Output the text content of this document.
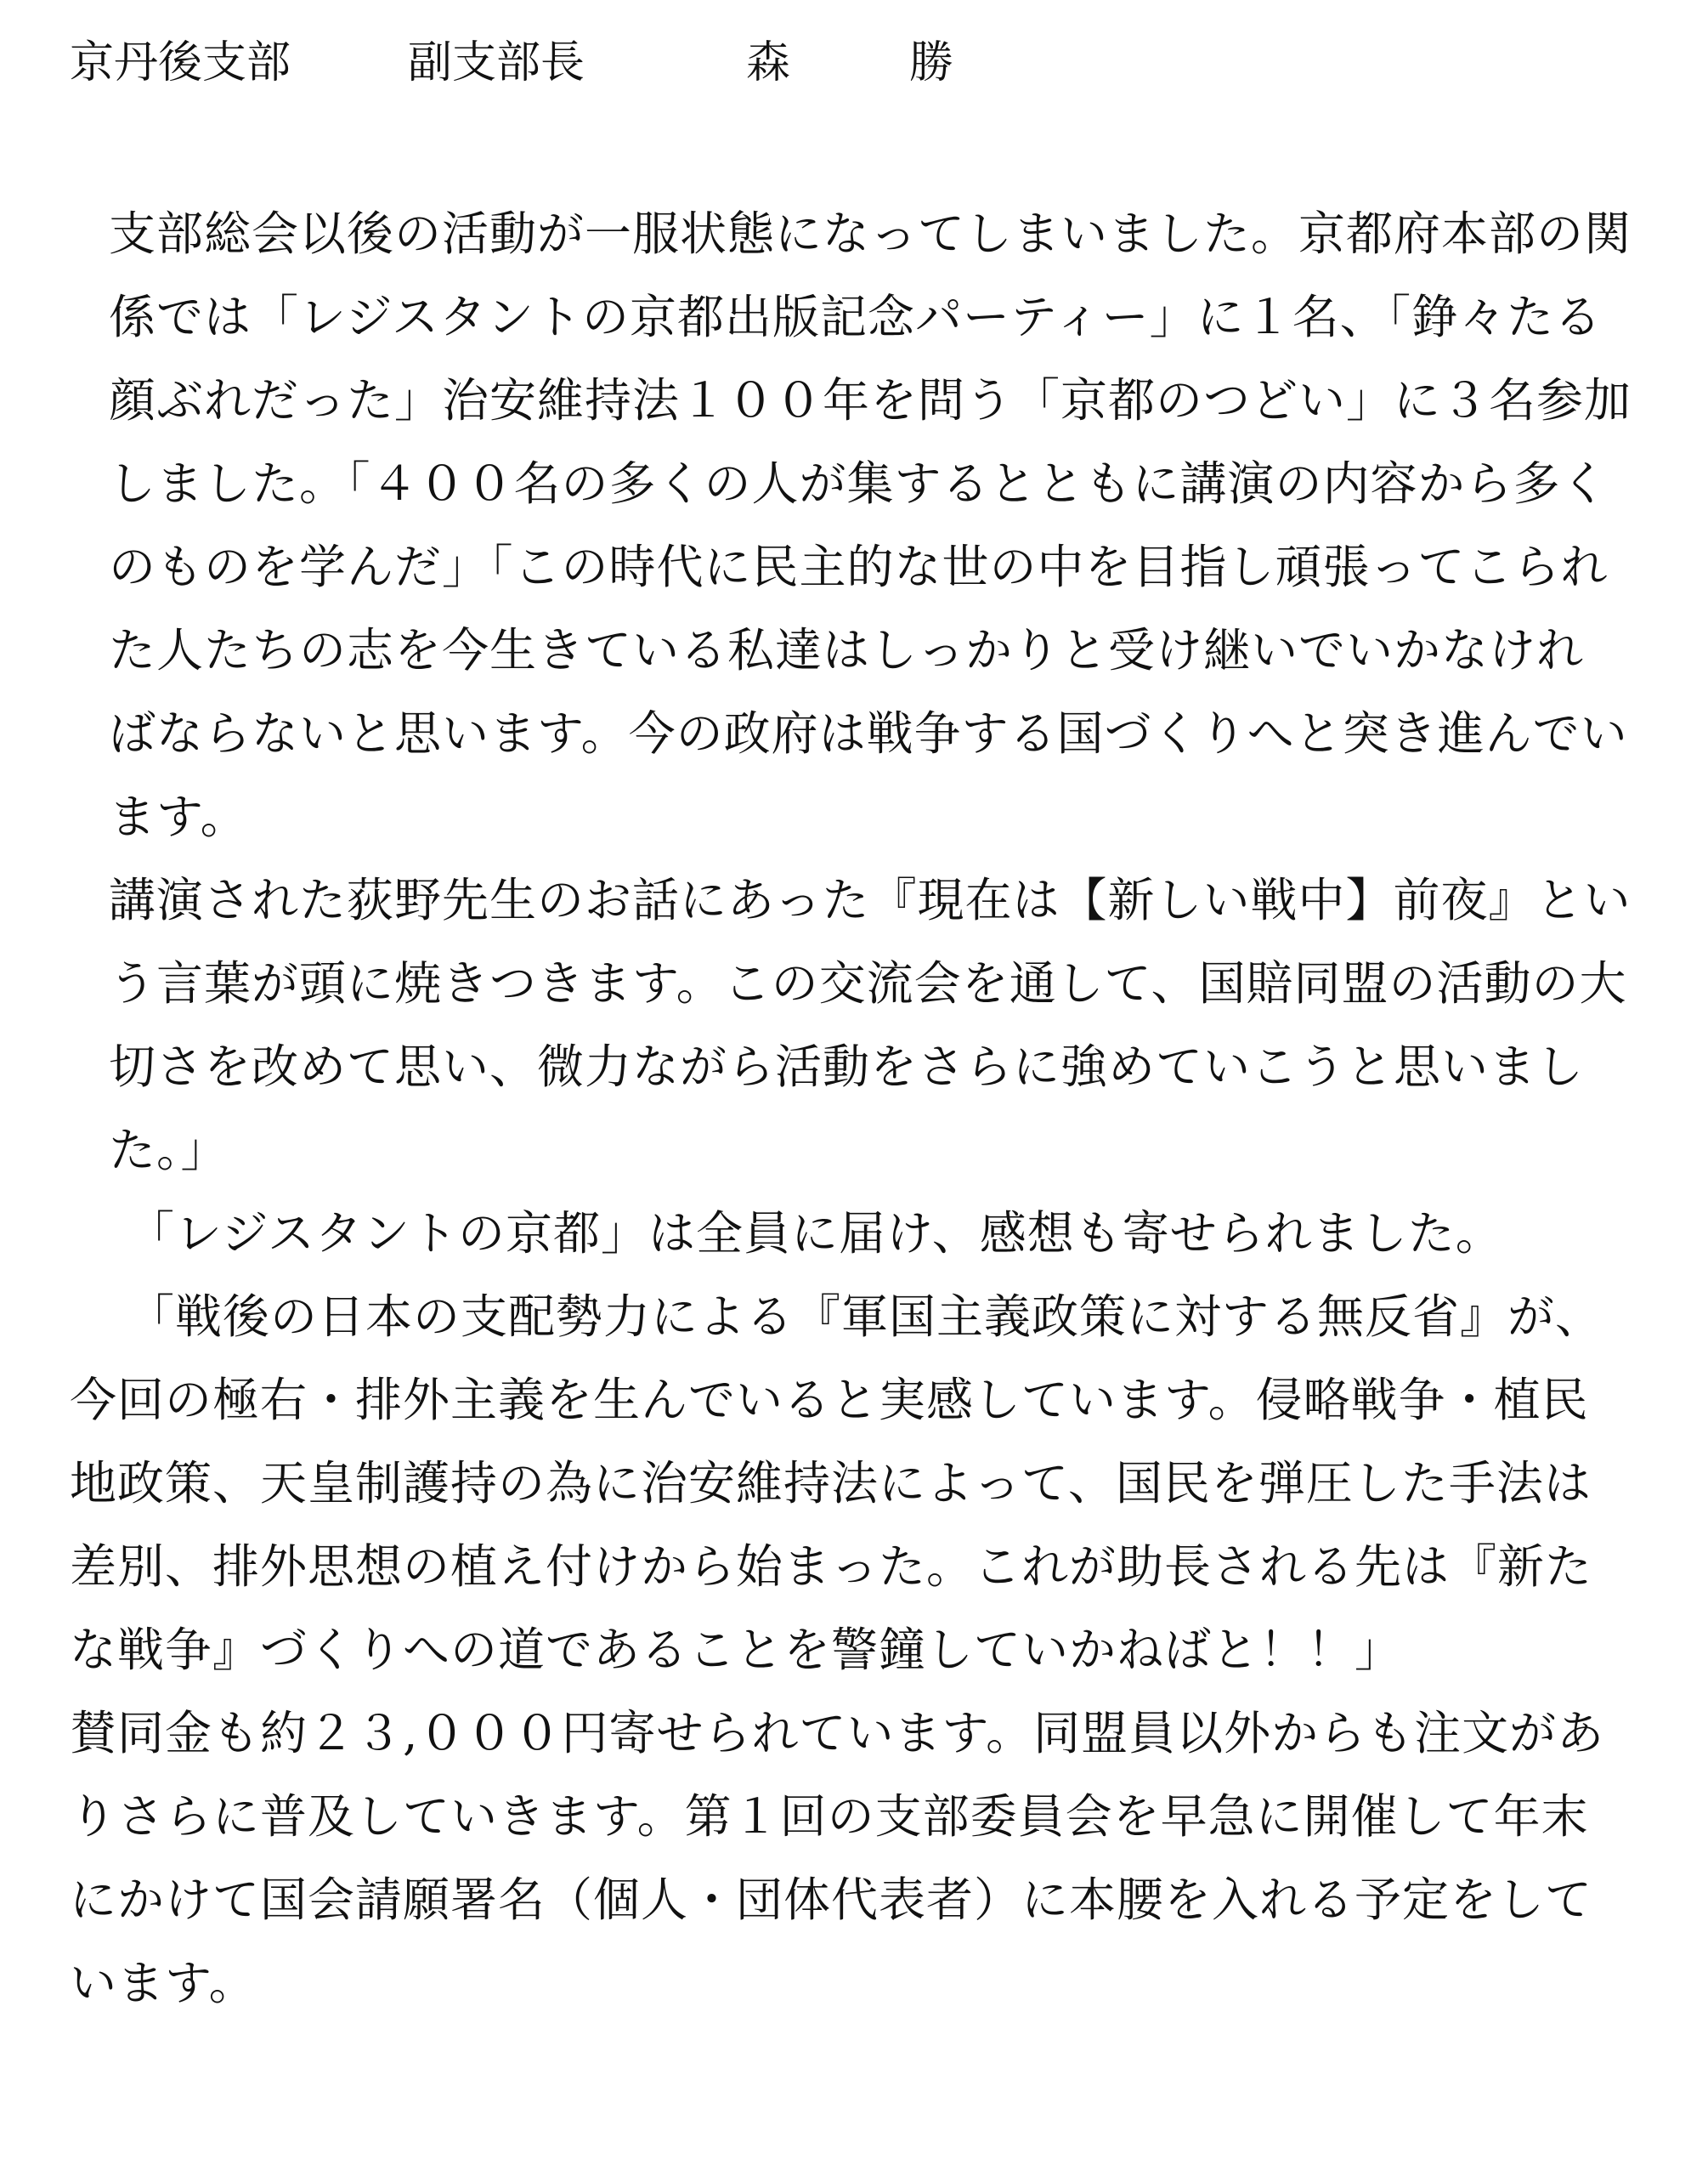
京丹後支部	副支部長	森　勝
支部総会以後の活動が一服状態になってしまいました。京都府本部の関
係では「レジスタントの京都出版記念パーティー」に１名、「錚々たる
顔ぶれだった」治安維持法１００年を問う「京都のつどい」に３名参加
しました。「４００名の多くの人が集するとともに講演の内容から多く
のものを学んだ」「この時代に民主的な世の中を目指し頑張ってこられ
た人たちの志を今生きている私達はしっかりと受け継いでいかなけれ
ばならないと思います。今の政府は戦争する国づくりへと突き進んでい
ます。
講演された荻野先生のお話にあった『現在は【新しい戦中】前夜』とい
う言葉が頭に焼きつきます。この交流会を通して、国賠同盟の活動の大
切さを改めて思い、微力ながら活動をさらに強めていこうと思いまし
た。」
「レジスタントの京都」は全員に届け、感想も寄せられました。
「戦後の日本の支配勢力による『軍国主義政策に対する無反省』が、
今回の極右・排外主義を生んでいると実感しています。侵略戦争・植民
地政策、天皇制護持の為に治安維持法によって、国民を弾圧した手法は
差別、排外思想の植え付けから始まった。これが助長される先は『新た
な戦争』づくりへの道であることを警鐘していかねばと！！」
賛同金も約２３,０００円寄せられています。同盟員以外からも注文があ
りさらに普及していきます。第１回の支部委員会を早急に開催して年末
にかけて国会請願署名（個人・団体代表者）に本腰を入れる予定をして
います。
